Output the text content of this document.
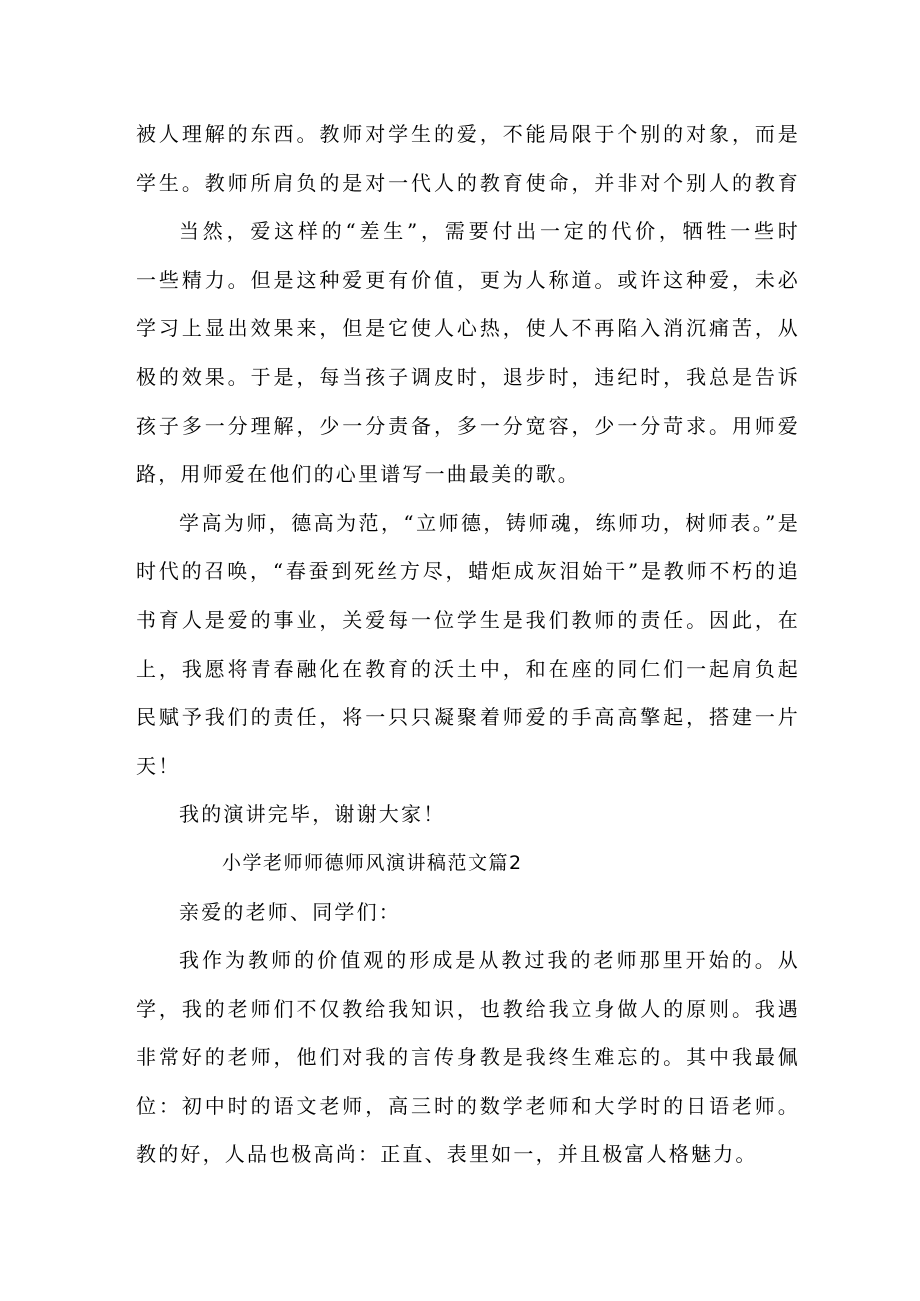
被人理解的东西。教师对学生的爱，不能局限于个别的对象，而是
学生。教师所肩负的是对一代人的教育使命，并非对个别人的教育
当然，爱这样的“差生”，需要付出一定的代价，牺牲一些时
一些精力。但是这种爱更有价值，更为人称道。或许这种爱，未必
学习上显出效果来，但是它使人心热，使人不再陷入消沉痛苦，从
极的效果。于是，每当孩子调皮时，退步时，违纪时，我总是告诉
孩子多一分理解，少一分责备，多一分宽容，少一分苛求。用师爱
路，用师爱在他们的心里谱写一曲最美的歌。
学高为师，德高为范，“立师德，铸师魂，练师功，树师表。”是
时代的召唤，“春蚕到死丝方尽，蜡炬成灰泪始干”是教师不朽的追
书育人是爱的事业，关爱每一位学生是我们教师的责任。因此，在
上，我愿将青春融化在教育的沃土中，和在座的同仁们一起肩负起
民赋予我们的责任，将一只只凝聚着师爱的手高高擎起，搭建一片
天！
我的演讲完毕，谢谢大家！
小学老师师德师风演讲稿范文篇2
亲爱的老师、同学们：
我作为教师的价值观的形成是从教过我的老师那里开始的。从
学，我的老师们不仅教给我知识，也教给我立身做人的原则。我遇
非常好的老师，他们对我的言传身教是我终生难忘的。其中我最佩
位：初中时的语文老师，高三时的数学老师和大学时的日语老师。
教的好，人品也极高尚：正直、表里如一，并且极富人格魅力。
